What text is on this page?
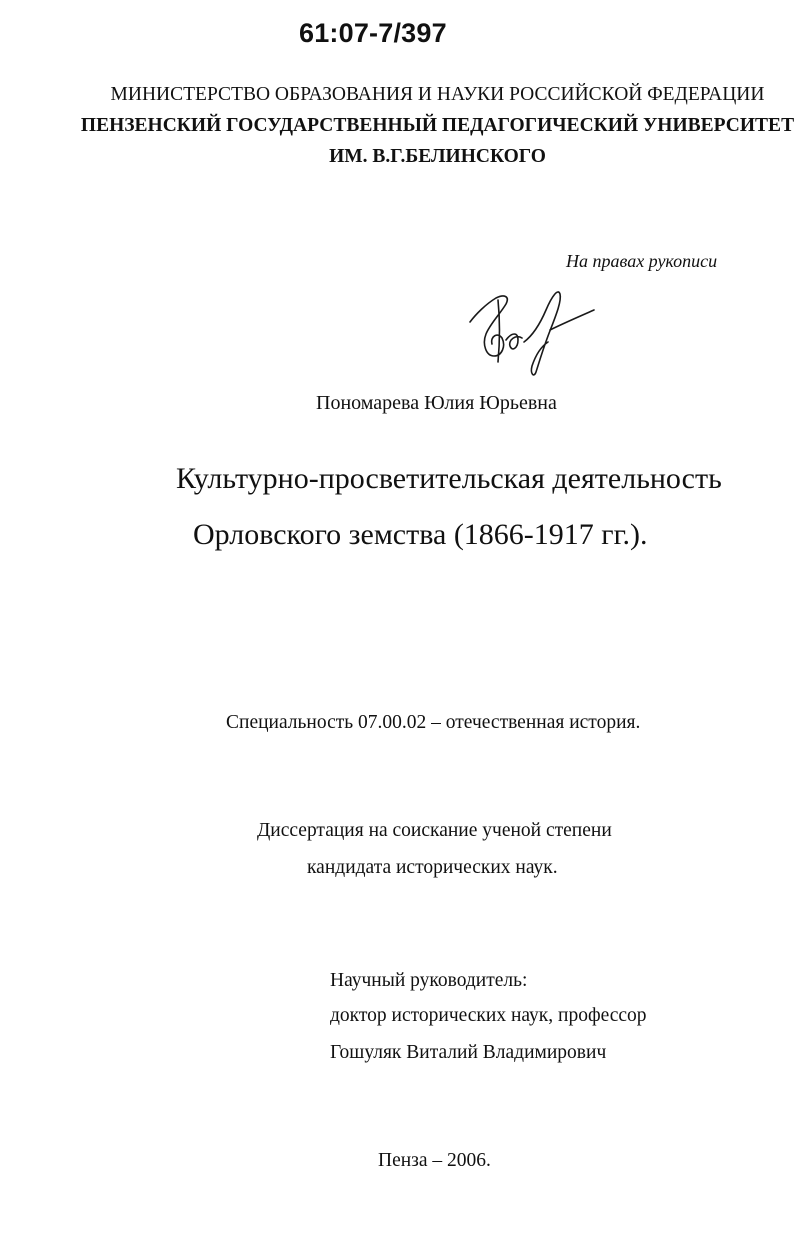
61:07-7/397
МИНИСТЕРСТВО ОБРАЗОВАНИЯ И НАУКИ РОССИЙСКОЙ ФЕДЕРАЦИИ
ПЕНЗЕНСКИЙ ГОСУДАРСТВЕННЫЙ ПЕДАГОГИЧЕСКИЙ УНИВЕРСИТЕТ
ИМ. В.Г.БЕЛИНСКОГО
На правах рукописи
Пономарева Юлия Юрьевна
Культурно-просветительская деятельность
Орловского земства (1866-1917 гг.).
Специальность 07.00.02 – отечественная история.
Диссертация на соискание ученой степени
кандидата исторических наук.
Научный руководитель:
доктор исторических наук, профессор
Гошуляк Виталий Владимирович
Пенза – 2006.
